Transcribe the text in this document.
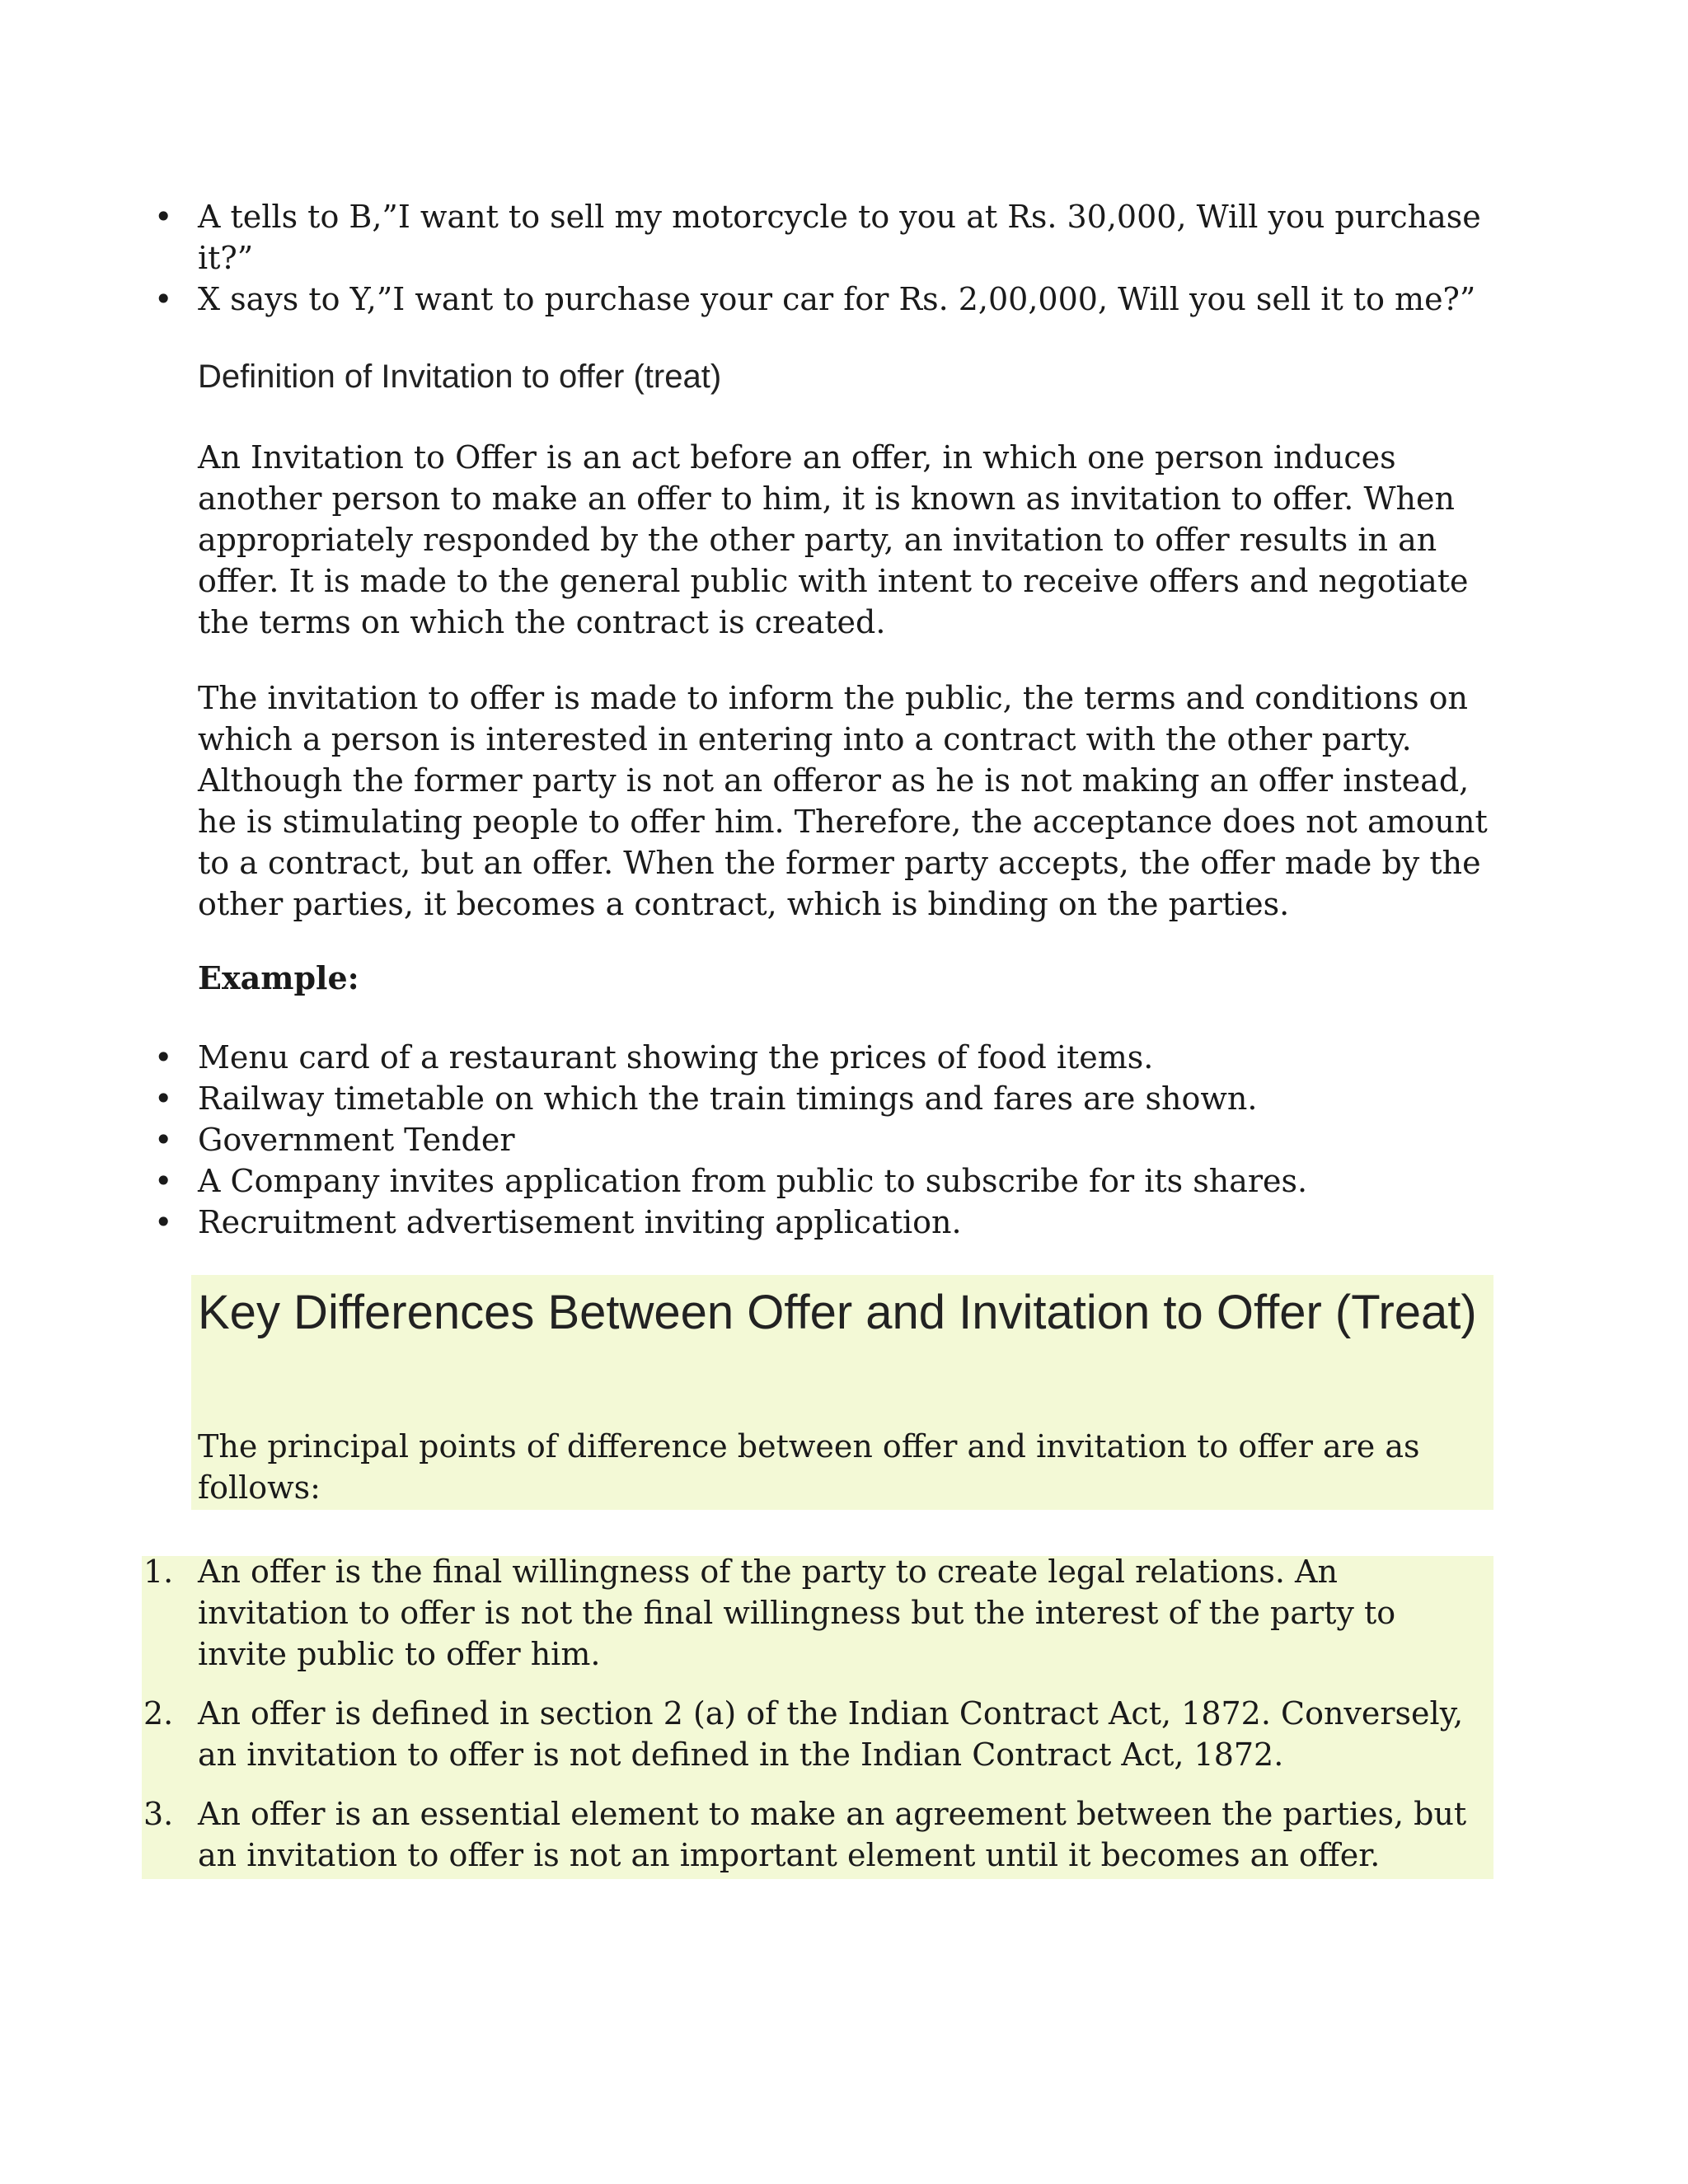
• A tells to B,”I want to sell my motorcycle to you at Rs. 30,000, Will you purchase it?”
• X says to Y,”I want to purchase your car for Rs. 2,00,000, Will you sell it to me?”

Definition of Invitation to offer (treat)

An Invitation to Offer is an act before an offer, in which one person induces another person to make an offer to him, it is known as invitation to offer. When appropriately responded by the other party, an invitation to offer results in an offer. It is made to the general public with intent to receive offers and negotiate the terms on which the contract is created.

The invitation to offer is made to inform the public, the terms and conditions on which a person is interested in entering into a contract with the other party. Although the former party is not an offeror as he is not making an offer instead, he is stimulating people to offer him. Therefore, the acceptance does not amount to a contract, but an offer. When the former party accepts, the offer made by the other parties, it becomes a contract, which is binding on the parties.

Example:

• Menu card of a restaurant showing the prices of food items.
• Railway timetable on which the train timings and fares are shown.
• Government Tender
• A Company invites application from public to subscribe for its shares.
• Recruitment advertisement inviting application.
Key Differences Between Offer and Invitation to Offer (Treat)

The principal points of difference between offer and invitation to offer are as follows:

1. An offer is the final willingness of the party to create legal relations. An invitation to offer is not the final willingness but the interest of the party to invite public to offer him.
2. An offer is defined in section 2 (a) of the Indian Contract Act, 1872. Conversely, an invitation to offer is not defined in the Indian Contract Act, 1872.
3. An offer is an essential element to make an agreement between the parties, but an invitation to offer is not an important element until it becomes an offer.
